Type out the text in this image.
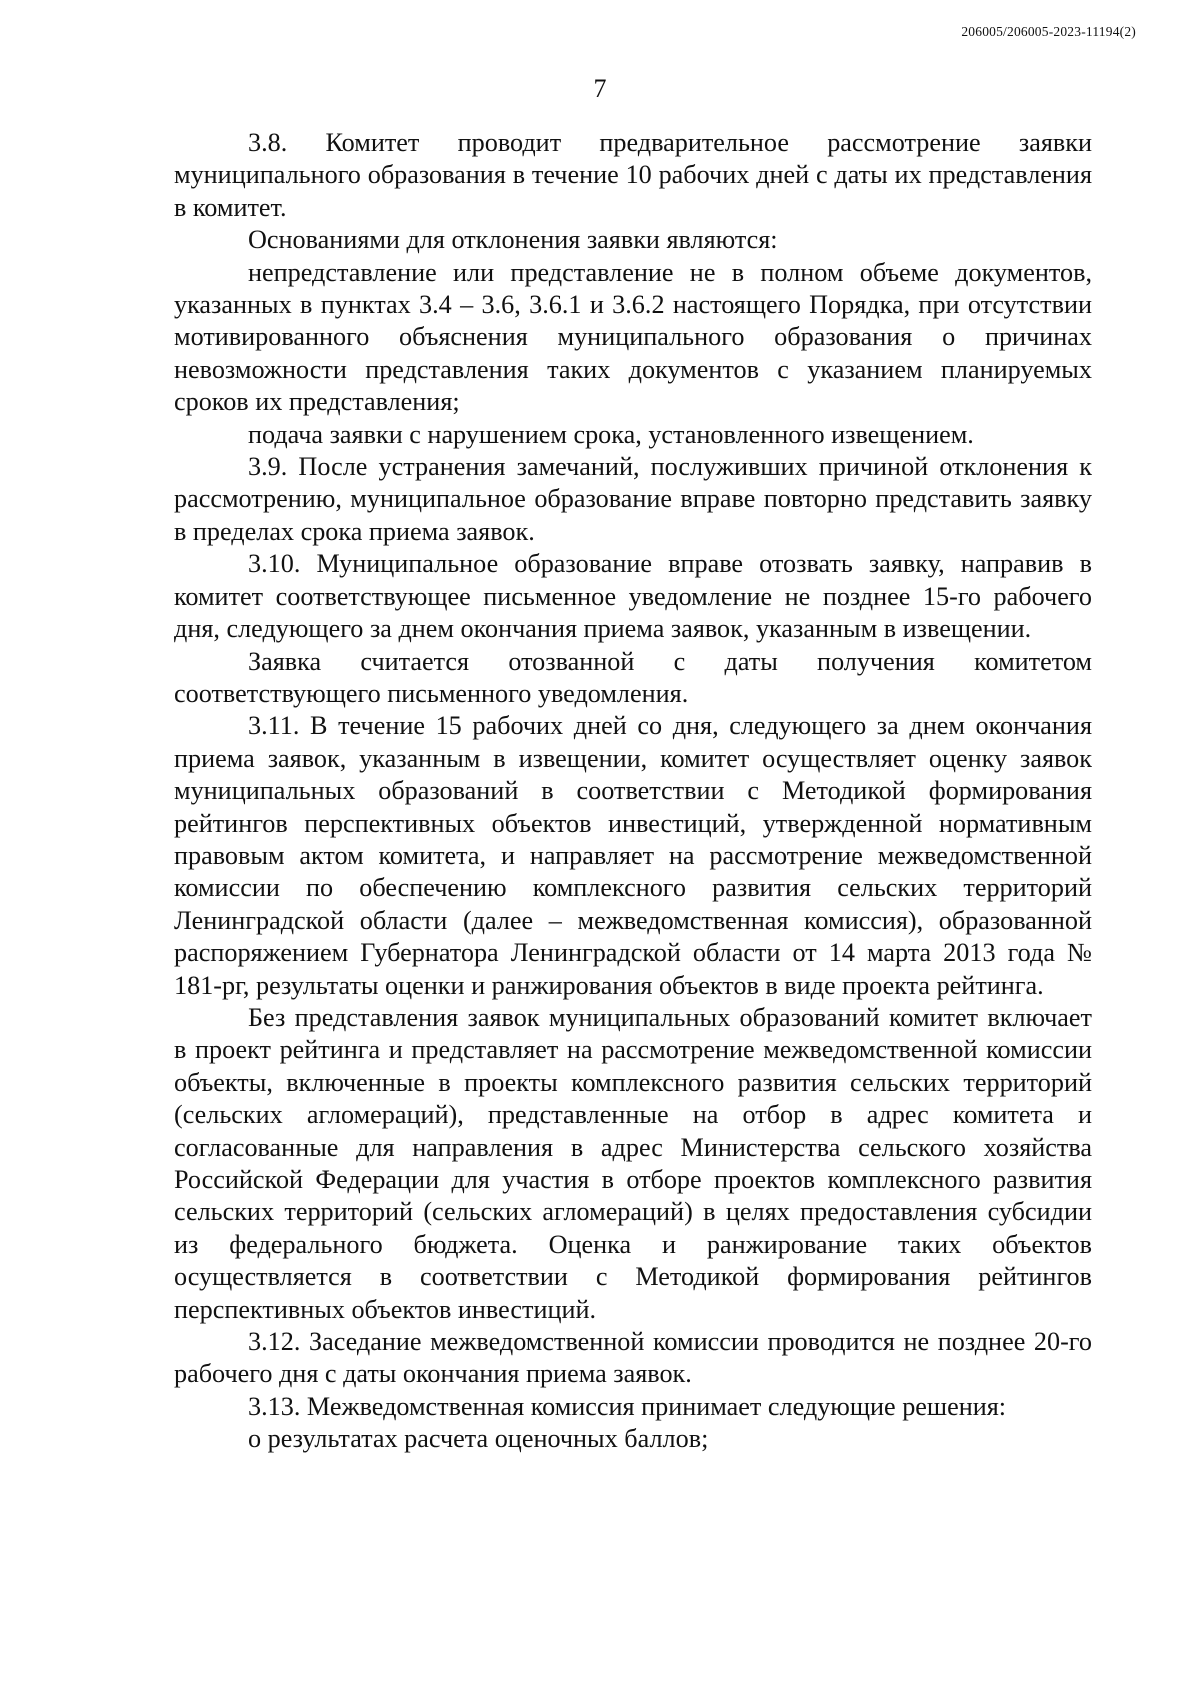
206005/206005-2023-11194(2)
7

3.8. Комитет проводит предварительное рассмотрение заявки муниципального образования в течение 10 рабочих дней с даты их представления в комитет.

Основаниями для отклонения заявки являются:

непредставление или представление не в полном объеме документов, указанных в пунктах 3.4 – 3.6, 3.6.1 и 3.6.2 настоящего Порядка, при отсутствии мотивированного объяснения муниципального образования о причинах невозможности представления таких документов с указанием планируемых сроков их представления;

подача заявки с нарушением срока, установленного извещением.

3.9. После устранения замечаний, послуживших причиной отклонения к рассмотрению, муниципальное образование вправе повторно представить заявку в пределах срока приема заявок.

3.10. Муниципальное образование вправе отозвать заявку, направив в комитет соответствующее письменное уведомление не позднее 15-го рабочего дня, следующего за днем окончания приема заявок, указанным в извещении.

Заявка считается отозванной с даты получения комитетом соответствующего письменного уведомления.

3.11. В течение 15 рабочих дней со дня, следующего за днем окончания приема заявок, указанным в извещении, комитет осуществляет оценку заявок муниципальных образований в соответствии с Методикой формирования рейтингов перспективных объектов инвестиций, утвержденной нормативным правовым актом комитета, и направляет на рассмотрение межведомственной комиссии по обеспечению комплексного развития сельских территорий Ленинградской области (далее – межведомственная комиссия), образованной распоряжением Губернатора Ленинградской области от 14 марта 2013 года № 181-рг, результаты оценки и ранжирования объектов в виде проекта рейтинга.

Без представления заявок муниципальных образований комитет включает в проект рейтинга и представляет на рассмотрение межведомственной комиссии объекты, включенные в проекты комплексного развития сельских территорий (сельских агломераций), представленные на отбор в адрес комитета и согласованные для направления в адрес Министерства сельского хозяйства Российской Федерации для участия в отборе проектов комплексного развития сельских территорий (сельских агломераций) в целях предоставления субсидии из федерального бюджета. Оценка и ранжирование таких объектов осуществляется в соответствии с Методикой формирования рейтингов перспективных объектов инвестиций.

3.12. Заседание межведомственной комиссии проводится не позднее 20-го рабочего дня с даты окончания приема заявок.

3.13. Межведомственная комиссия принимает следующие решения:

о результатах расчета оценочных баллов;
